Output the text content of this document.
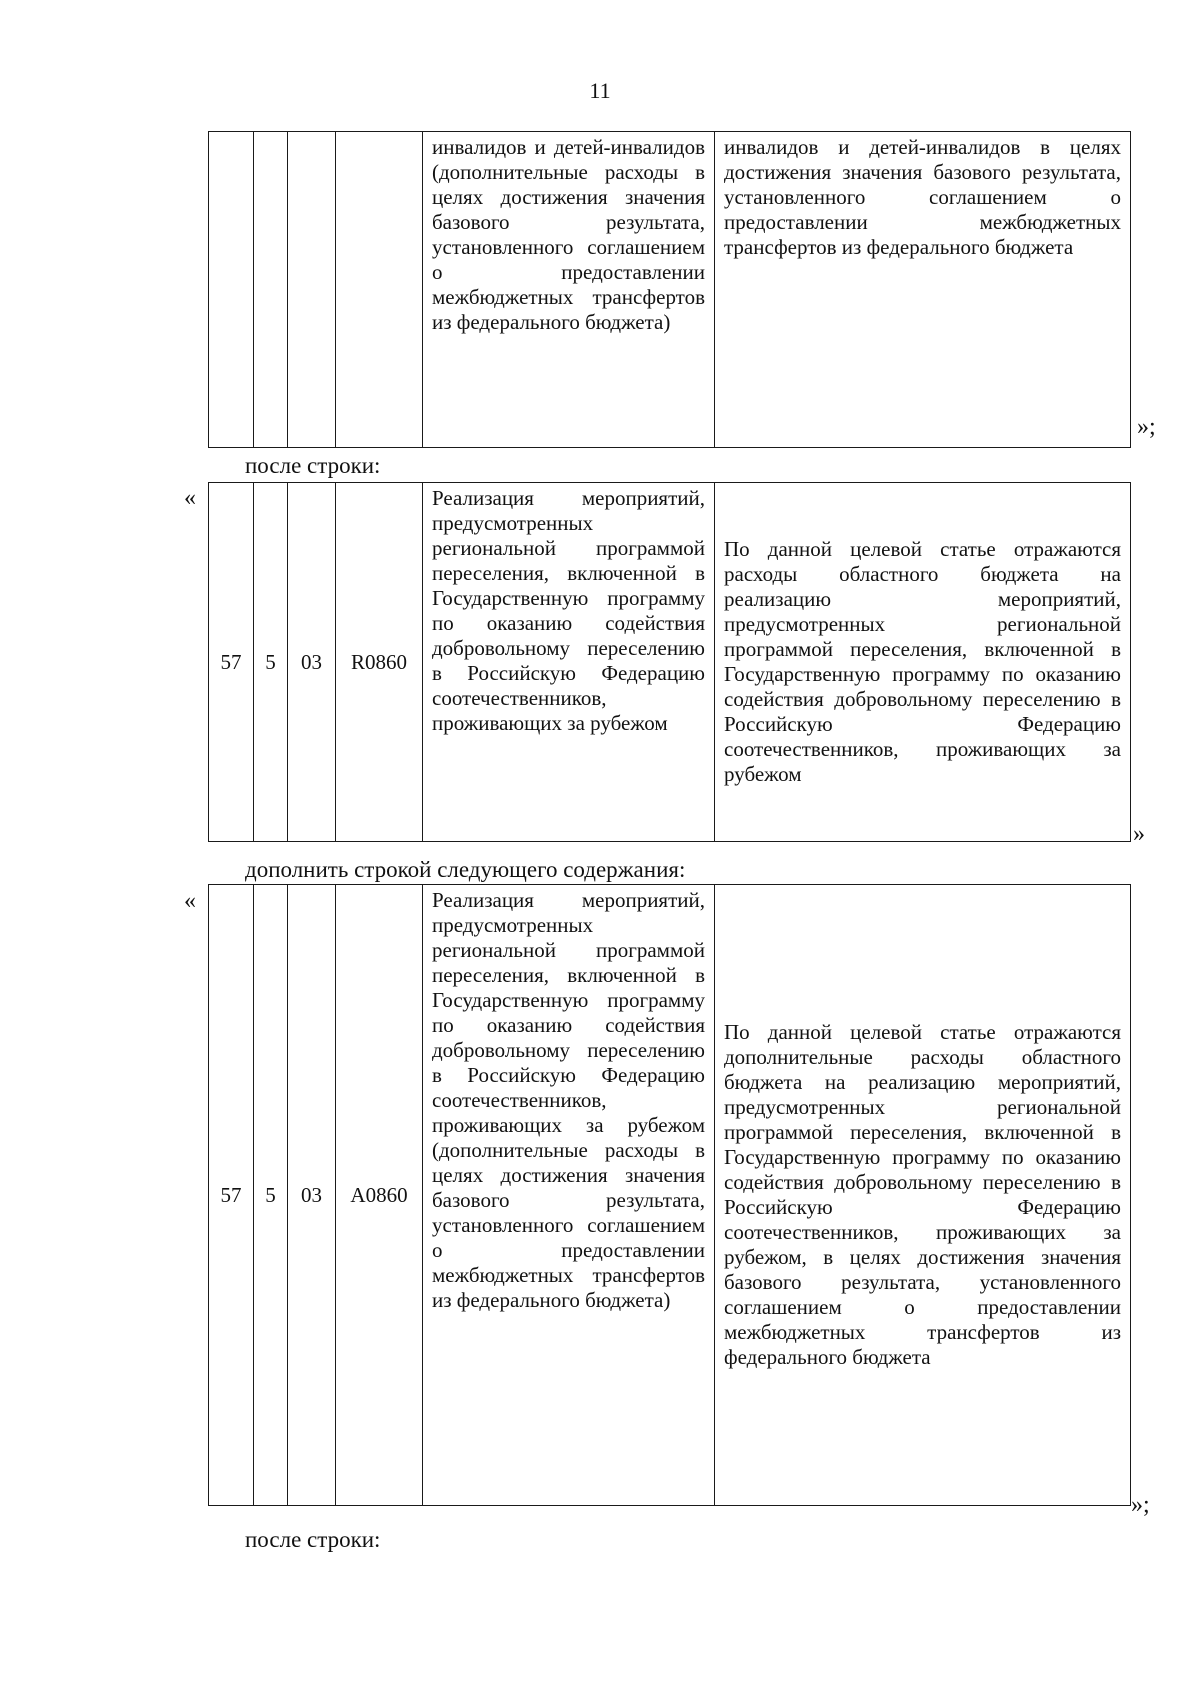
11
				инвалидов и детей-инвалидов (дополнительные расходы в целях достижения значения базового результата, установленного соглашением о предоставлении межбюджетных трансфертов из федерального бюджета)	инвалидов и детей-инвалидов в целях достижения значения базового результата, установленного соглашением о предоставлении межбюджетных трансфертов из федерального бюджета
»;
после строки:
«
57	5	03	R0860	Реализация мероприятий, предусмотренных региональной программой переселения, включенной в Государственную программу по оказанию содействия добровольному переселению в Российскую Федерацию соотечественников, проживающих за рубежом	По данной целевой статье отражаются расходы областного бюджета на реализацию мероприятий, предусмотренных региональной программой переселения, включенной в Государственную программу по оказанию содействия добровольному переселению в Российскую Федерацию соотечественников, проживающих за рубежом
»
дополнить строкой следующего содержания:
«
57	5	03	A0860	Реализация мероприятий, предусмотренных региональной программой переселения, включенной в Государственную программу по оказанию содействия добровольному переселению в Российскую Федерацию соотечественников, проживающих за рубежом (дополнительные расходы в целях достижения значения базового результата, установленного соглашением о предоставлении межбюджетных трансфертов из федерального бюджета)	По данной целевой статье отражаются дополнительные расходы областного бюджета на реализацию мероприятий, предусмотренных региональной программой переселения, включенной в Государственную программу по оказанию содействия добровольному переселению в Российскую Федерацию соотечественников, проживающих за рубежом, в целях достижения значения базового результата, установленного соглашением о предоставлении межбюджетных трансфертов из федерального бюджета
»;
после строки:
